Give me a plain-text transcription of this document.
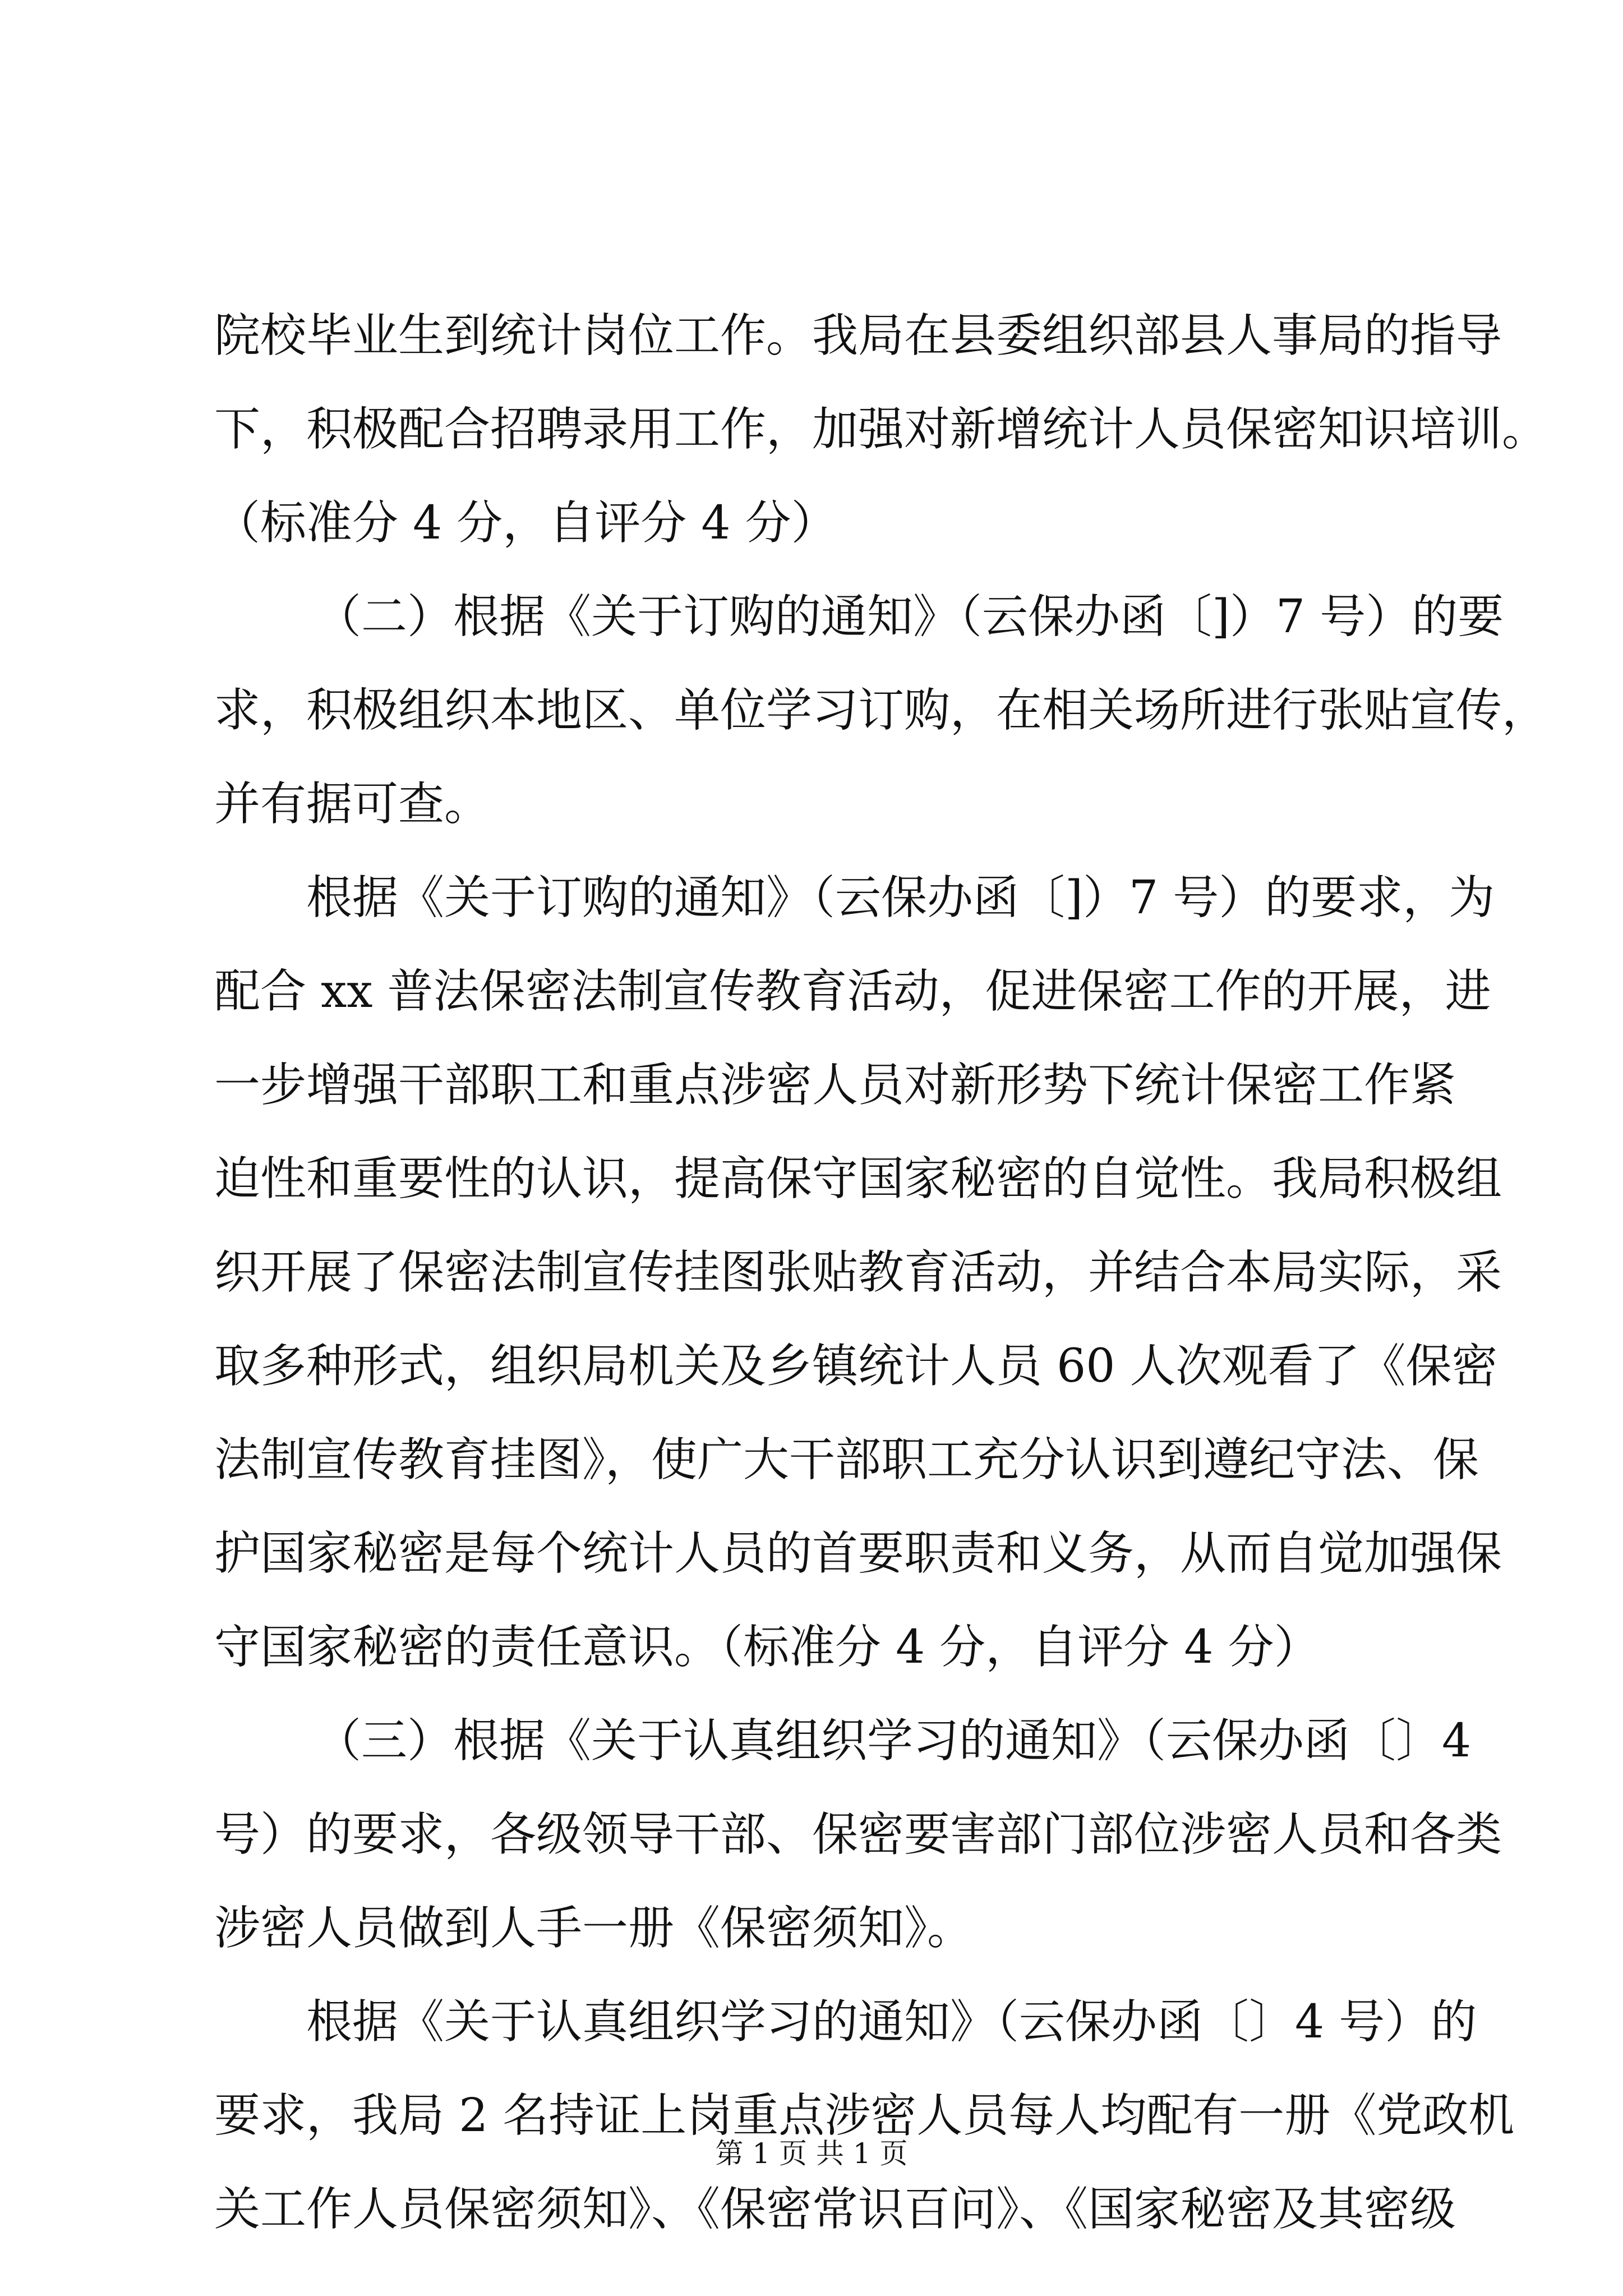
院校毕业生到统计岗位工作。我局在县委组织部县人事局的指导
下，积极配合招聘录用工作，加强对新增统计人员保密知识培训。
（标准分 4 分，自评分 4 分）
（二）根据《关于订购的通知》（云保办函〔]）7 号）的要
求，积极组织本地区、单位学习订购，在相关场所进行张贴宣传，
并有据可查。
根据《关于订购的通知》（云保办函〔]）7 号）的要求，为
配合 xx 普法保密法制宣传教育活动，促进保密工作的开展，进
一步增强干部职工和重点涉密人员对新形势下统计保密工作紧
迫性和重要性的认识，提高保守国家秘密的自觉性。我局积极组
织开展了保密法制宣传挂图张贴教育活动，并结合本局实际，采
取多种形式，组织局机关及乡镇统计人员 60 人次观看了《保密
法制宣传教育挂图》，使广大干部职工充分认识到遵纪守法、保
护国家秘密是每个统计人员的首要职责和义务，从而自觉加强保
守国家秘密的责任意识。（标准分 4 分，自评分 4 分）
（三）根据《关于认真组织学习的通知》（云保办函〔〕4
号）的要求，各级领导干部、保密要害部门部位涉密人员和各类
涉密人员做到人手一册《保密须知》。
根据《关于认真组织学习的通知》（云保办函〔〕4 号）的
要求，我局 2 名持证上岗重点涉密人员每人均配有一册《党政机
关工作人员保密须知》、《保密常识百问》、《国家秘密及其密级
第 1 页 共 1 页
